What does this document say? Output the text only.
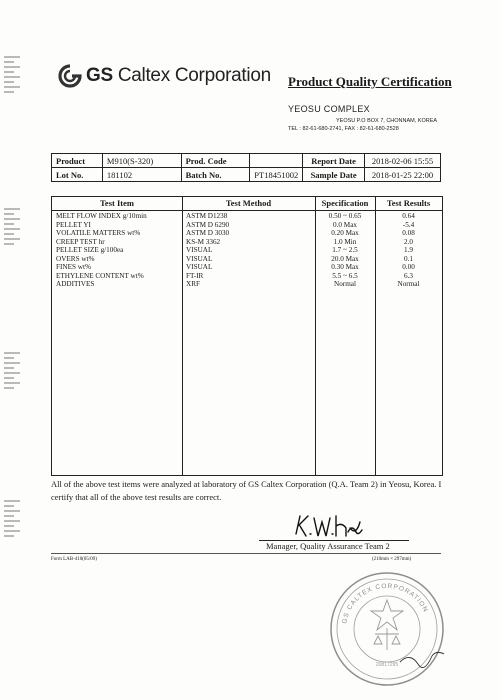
GS Caltex Corporation Product Quality Certification
YEOSU COMPLEX
YEOSU P.O BOX 7, CHONNAM, KOREA
TEL : 82-61-680-2741, FAX : 82-61-680-2528
Product	M910(S-320)	Prod. Code		Report Date	2018-02-06 15:55
Lot No.	181102	Batch No.	PT18451002	Sample Date	2018-01-25 22:00
Test Item	Test Method	Specification	Test Results
MELT FLOW INDEX g/10min	ASTM D1238	0.50 ~ 0.65	0.64
PELLET YI	ASTM D 6290	0.0 Max	-5.4
VOLATILE MATTERS wt%	ASTM D 3030	0.20 Max	0.08
CREEP TEST hr	KS-M 3362	1.0 Min	2.0
PELLET SIZE g/100ea	VISUAL	1.7 ~ 2.5	1.9
OVERS wt%	VISUAL	20.0 Max	0.1
FINES wt%	VISUAL	0.30 Max	0.00
ETHYLENE CONTENT wt%	FT-IR	5.5 ~ 6.5	6.3
ADDITIVES	XRF	Normal	Normal
All of the above test items were analyzed at laboratory of GS Caltex Corporation (Q.A. Team 2) in Yeosu, Korea. I certify that all of the above test results are correct.
Manager, Quality Assurance Team 2
Form LAB-410(05/09)	(210mm × 297mm)
GS CALTEX CORPORATION
20817295
